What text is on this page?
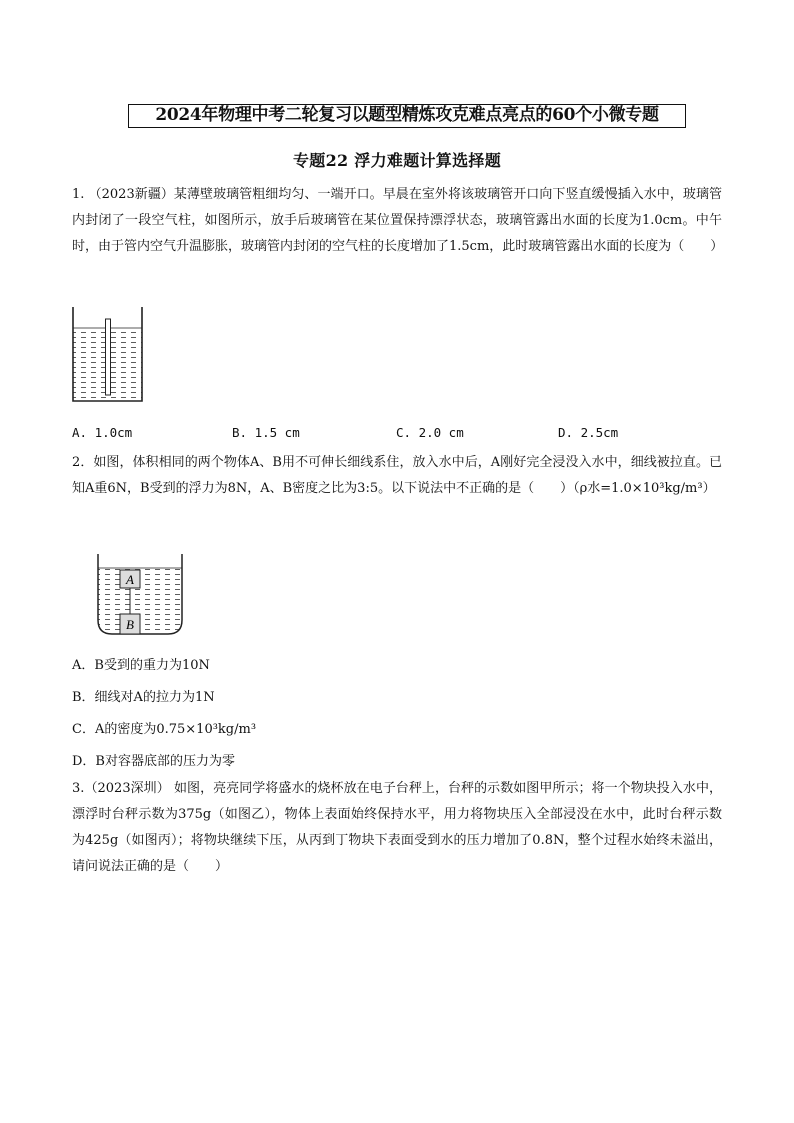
2024年物理中考二轮复习以题型精炼攻克难点亮点的60个小微专题
专题22 浮力难题计算选择题

1. （2023新疆）某薄壁玻璃管粗细均匀、一端开口。早晨在室外将该玻璃管开口向下竖直缓慢插入水中，玻璃管内封闭了一段空气柱，如图所示，放手后玻璃管在某位置保持漂浮状态，玻璃管露出水面的长度为1.0cm。中午时，由于管内空气升温膨胀，玻璃管内封闭的空气柱的长度增加了1.5cm，此时玻璃管露出水面的长度为（　　）

A. 1.0cm	B. 1.5 cm	C. 2.0 cm	D. 2.5cm

2．如图，体积相同的两个物体A、B用不可伸长细线系住，放入水中后，A刚好完全浸没入水中，细线被拉直。已知A重6N，B受到的浮力为8N，A、B密度之比为3:5。以下说法中不正确的是（　　）（ρ水=1.0×10³kg/m³）

A
B
A．B受到的重力为10N
B．细线对A的拉力为1N
C．A的密度为0.75×10³kg/m³
D．B对容器底部的压力为零

3.（2023深圳） 如图，亮亮同学将盛水的烧杯放在电子台秤上，台秤的示数如图甲所示；将一个物块投入水中，漂浮时台秤示数为375g（如图乙），物体上表面始终保持水平，用力将物块压入全部浸没在水中，此时台秤示数为425g（如图丙）；将物块继续下压，从丙到丁物块下表面受到水的压力增加了0.8N，整个过程水始终未溢出，请问说法正确的是（　　）
